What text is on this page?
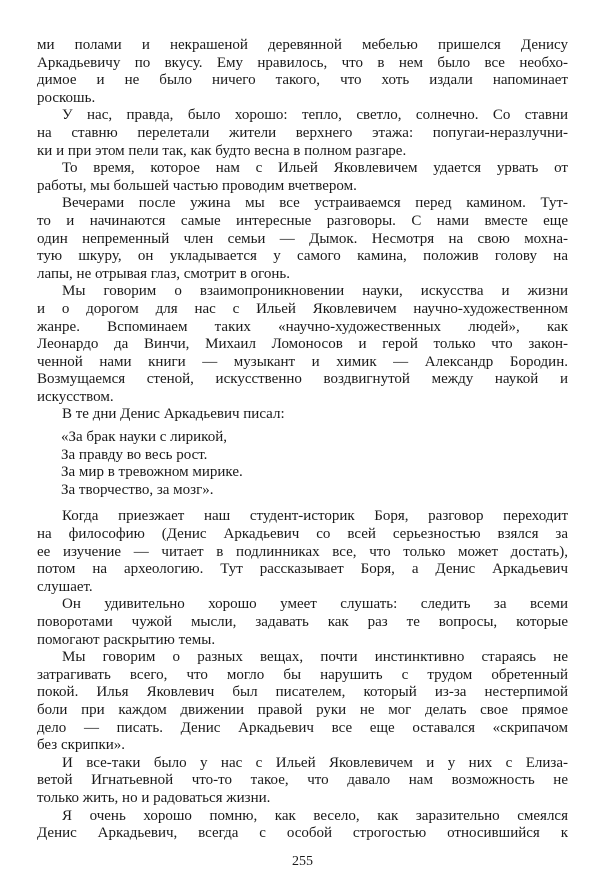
ми полами и некрашеной деревянной мебелью пришелся Денису
Аркадьевичу по вкусу. Ему нравилось, что в нем было все необхо-
димое и не было ничего такого, что хоть издали напоминает
роскошь.
У нас, правда, было хорошо: тепло, светло, солнечно. Со ставни
на ставню перелетали жители верхнего этажа: попугаи-неразлучни-
ки и при этом пели так, как будто весна в полном разгаре.
То время, которое нам с Ильей Яковлевичем удается урвать от
работы, мы большей частью проводим вчетвером.
Вечерами после ужина мы все устраиваемся перед камином. Тут-
то и начинаются самые интересные разговоры. С нами вместе еще
один непременный член семьи — Дымок. Несмотря на свою мохна-
тую шкуру, он укладывается у самого камина, положив голову на
лапы, не отрывая глаз, смотрит в огонь.
Мы говорим о взаимопроникновении науки, искусства и жизни
и о дорогом для нас с Ильей Яковлевичем научно-художественном
жанре. Вспоминаем таких «научно-художественных людей», как
Леонардо да Винчи, Михаил Ломоносов и герой только что закон-
ченной нами книги — музыкант и химик — Александр Бородин.
Возмущаемся стеной, искусственно воздвигнутой между наукой и
искусством.
В те дни Денис Аркадьевич писал:
«За брак науки с лирикой,
За правду во весь рост.
За мир в тревожном мирике.
За творчество, за мозг».
Когда приезжает наш студент-историк Боря, разговор переходит
на философию (Денис Аркадьевич со всей серьезностью взялся за
ее изучение — читает в подлинниках все, что только может достать),
потом на археологию. Тут рассказывает Боря, а Денис Аркадьевич
слушает.
Он удивительно хорошо умеет слушать: следить за всеми
поворотами чужой мысли, задавать как раз те вопросы, которые
помогают раскрытию темы.
Мы говорим о разных вещах, почти инстинктивно стараясь не
затрагивать всего, что могло бы нарушить с трудом обретенный
покой. Илья Яковлевич был писателем, который из-за нестерпимой
боли при каждом движении правой руки не мог делать свое прямое
дело — писать. Денис Аркадьевич все еще оставался «скрипачом
без скрипки».
И все-таки было у нас с Ильей Яковлевичем и у них с Елиза-
ветой Игнатьевной что-то такое, что давало нам возможность не
только жить, но и радоваться жизни.
Я очень хорошо помню, как весело, как заразительно смеялся
Денис Аркадьевич, всегда с особой строгостью относившийся к
255
